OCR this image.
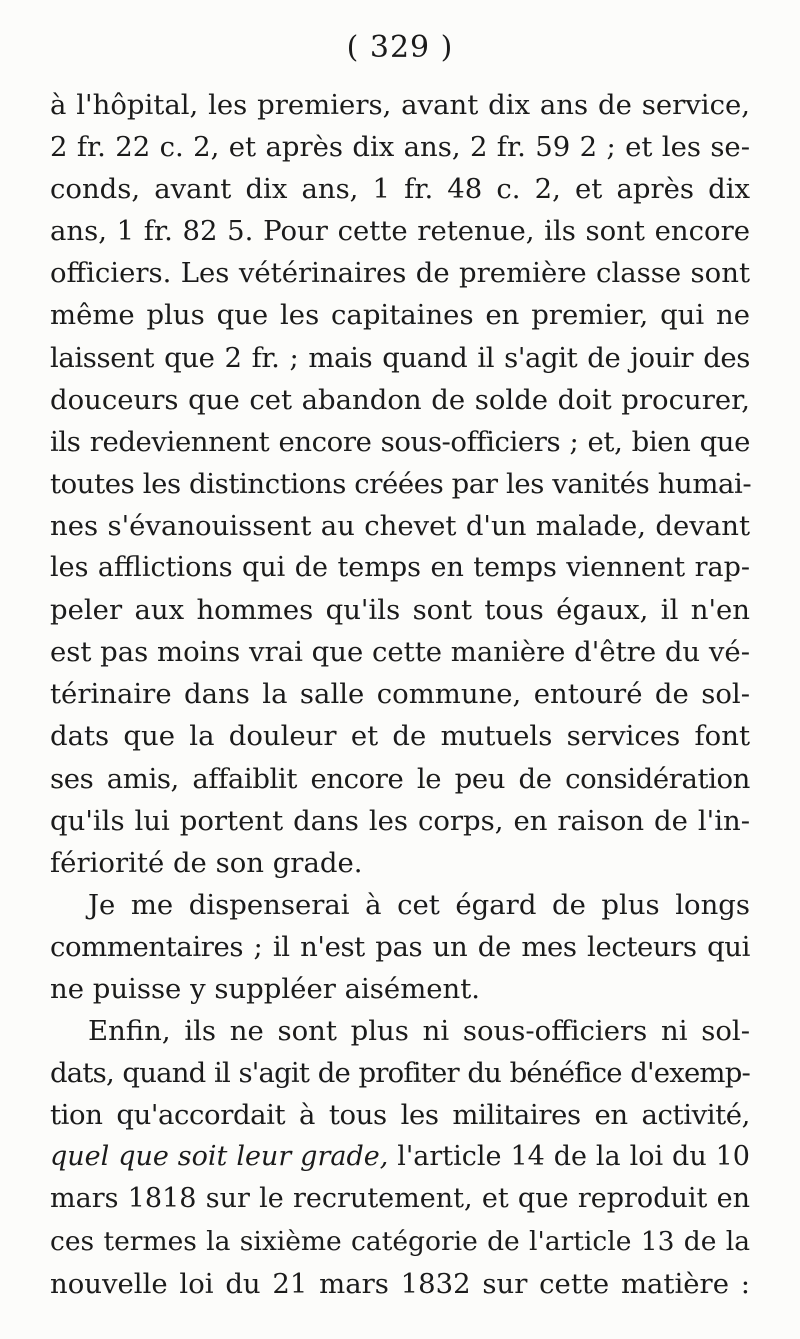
( 329 )
à l'hôpital, les premiers, avant dix ans de service,
2 fr. 22 c. 2, et après dix ans, 2 fr. 59 2 ; et les se-
conds, avant dix ans, 1 fr. 48 c. 2, et après dix
ans, 1 fr. 82 5. Pour cette retenue, ils sont encore
officiers. Les vétérinaires de première classe sont
même plus que les capitaines en premier, qui ne
laissent que 2 fr. ; mais quand il s'agit de jouir des
douceurs que cet abandon de solde doit procurer,
ils redeviennent encore sous-officiers ; et, bien que
toutes les distinctions créées par les vanités humai-
nes s'évanouissent au chevet d'un malade, devant
les afflictions qui de temps en temps viennent rap-
peler aux hommes qu'ils sont tous égaux, il n'en
est pas moins vrai que cette manière d'être du vé-
térinaire dans la salle commune, entouré de sol-
dats que la douleur et de mutuels services font
ses amis, affaiblit encore le peu de considération
qu'ils lui portent dans les corps, en raison de l'in-
fériorité de son grade.
Je me dispenserai à cet égard de plus longs
commentaires ; il n'est pas un de mes lecteurs qui
ne puisse y suppléer aisément.
Enfin, ils ne sont plus ni sous-officiers ni sol-
dats, quand il s'agit de profiter du bénéfice d'exemp-
tion qu'accordait à tous les militaires en activité,
quel que soit leur grade, l'article 14 de la loi du 10
mars 1818 sur le recrutement, et que reproduit en
ces termes la sixième catégorie de l'article 13 de la
nouvelle loi du 21 mars 1832 sur cette matière :
